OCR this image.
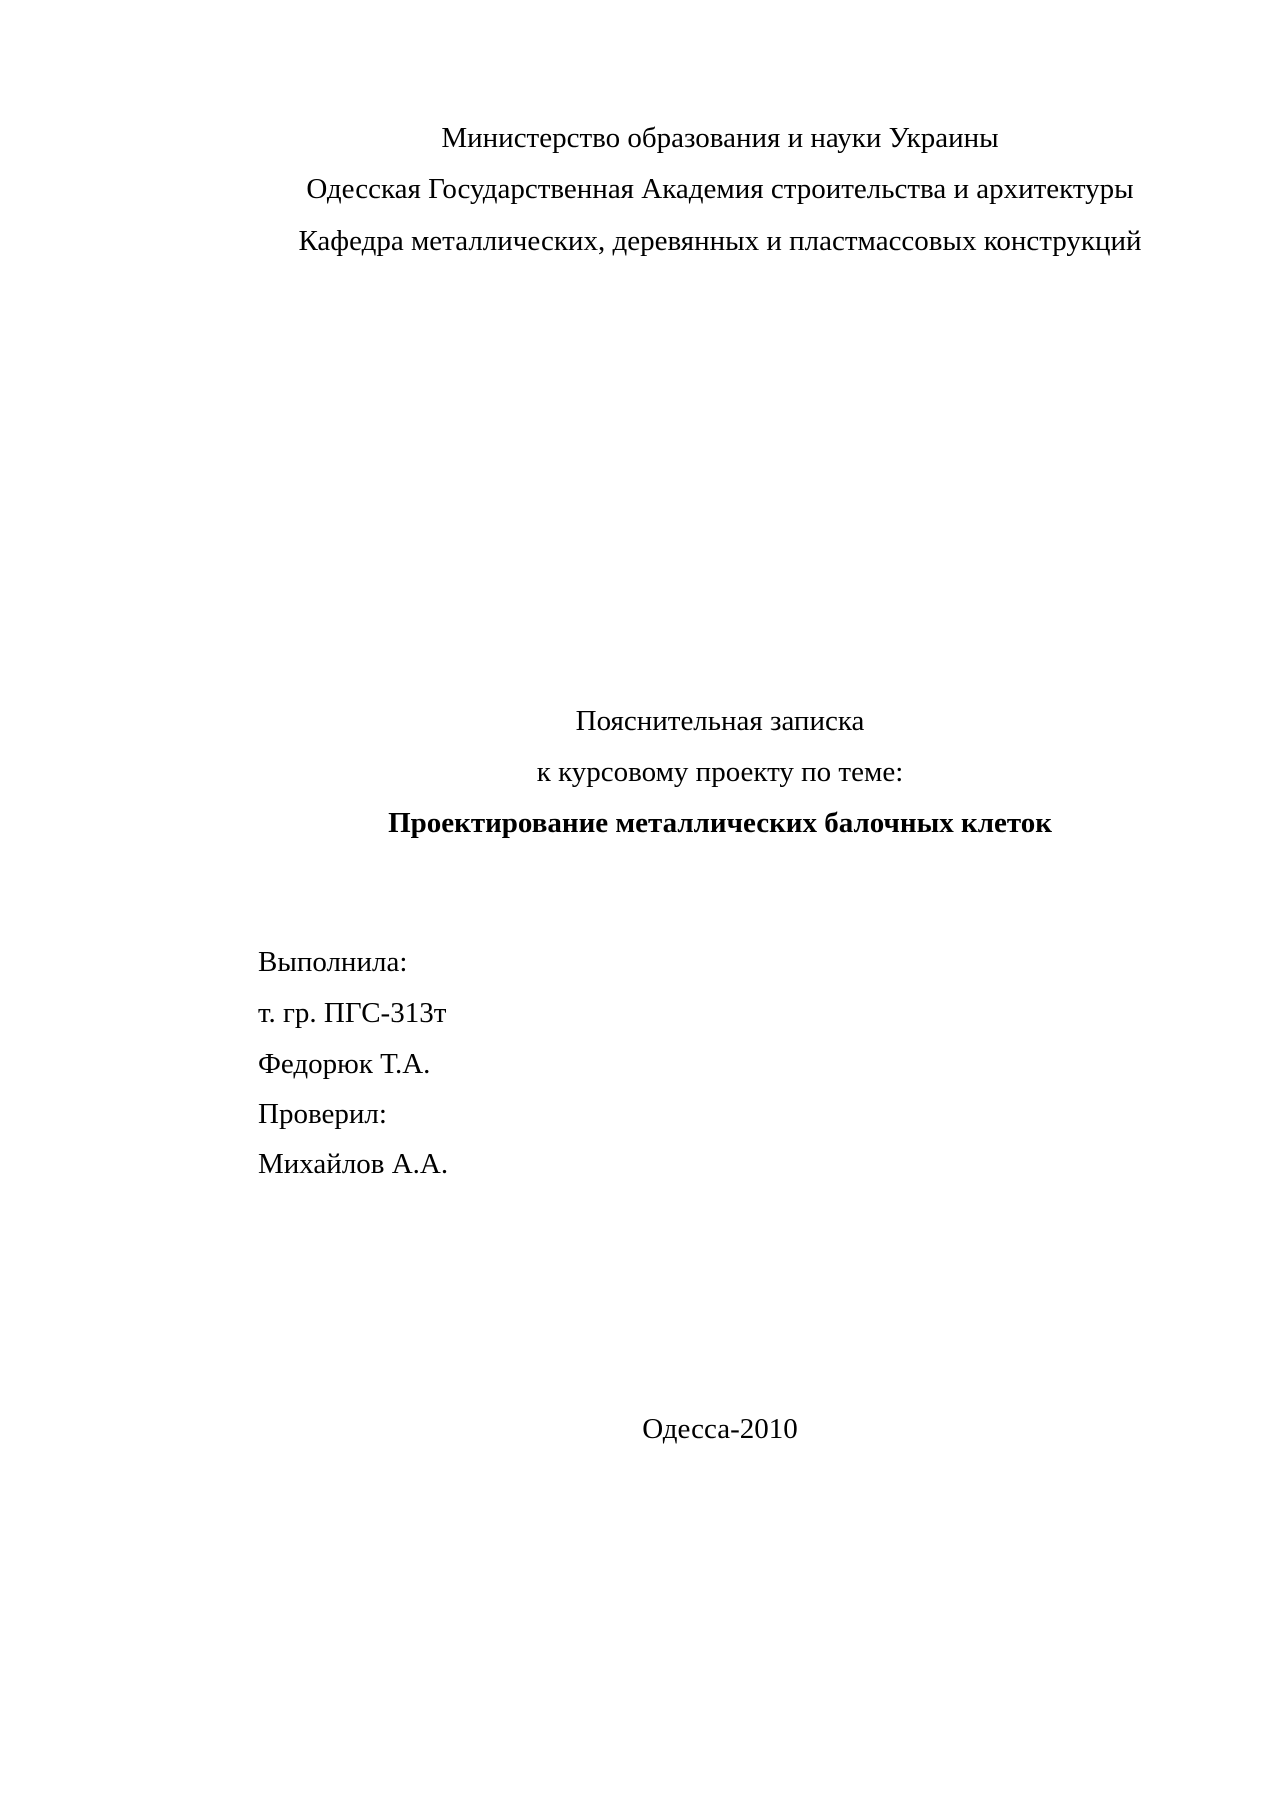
Министерство образования и науки Украины
Одесская Государственная Академия строительства и архитектуры
Кафедра металлических, деревянных и пластмассовых конструкций
Пояснительная записка
к курсовому проекту по теме:
Проектирование металлических балочных клеток
Выполнила:
т. гр. ПГС-313т
Федорюк Т.А.
Проверил:
Михайлов А.А.
Одесса-2010
